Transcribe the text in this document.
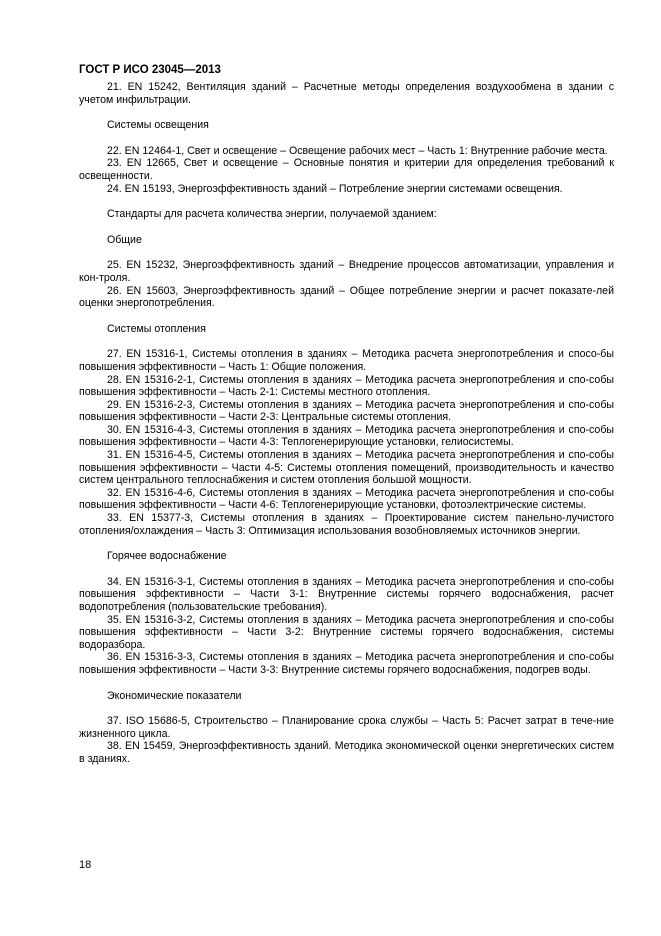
ГОСТ Р ИСО 23045—2013

21. EN 15242, Вентиляция зданий – Расчетные методы определения воздухообмена в здании с учетом инфильтрации.

Системы освещения

22. EN 12464-1, Свет и освещение – Освещение рабочих мест – Часть 1: Внутренние рабочие места.

23. EN 12665, Свет и освещение – Основные понятия и критерии для определения требований к освещенности.

24. EN 15193, Энергоэффективность зданий – Потребление энергии системами освещения.

Стандарты для расчета количества энергии, получаемой зданием:

Общие

25. EN 15232, Энергоэффективность зданий – Внедрение процессов автоматизации, управления и кон-троля.

26. EN 15603, Энергоэффективность зданий – Общее потребление энергии и расчет показате-лей оценки энергопотребления.

Системы отопления

27. EN 15316-1, Системы отопления в зданиях – Методика расчета энергопотребления и спосо-бы повышения эффективности – Часть 1: Общие положения.

28. EN 15316-2-1, Системы отопления в зданиях – Методика расчета энергопотребления и спо-собы повышения эффективности – Часть 2-1: Системы местного отопления.

29. EN 15316-2-3, Системы отопления в зданиях – Методика расчета энергопотребления и спо-собы повышения эффективности – Части 2-3: Центральные системы отопления.

30. EN 15316-4-3, Системы отопления в зданиях – Методика расчета энергопотребления и спо-собы повышения эффективности – Части 4-3: Теплогенерирующие установки, гелиосистемы.

31. EN 15316-4-5, Системы отопления в зданиях – Методика расчета энергопотребления и спо-собы повышения эффективности – Части 4-5: Системы отопления помещений, производительность и качество систем центрального теплоснабжения и систем отопления большой мощности.

32. EN 15316-4-6, Системы отопления в зданиях – Методика расчета энергопотребления и спо-собы повышения эффективности – Части 4-6: Теплогенерирующие установки, фотоэлектрические системы.

33. EN 15377-3, Системы отопления в зданиях – Проектирование систем панельно-лучистого отопления/охлаждения – Часть 3: Оптимизация использования возобновляемых источников энергии.

Горячее водоснабжение

34. EN 15316-3-1, Системы отопления в зданиях – Методика расчета энергопотребления и спо-собы повышения эффективности – Части 3-1: Внутренние системы горячего водоснабжения, расчет водопотребления (пользовательские требования).

35. EN 15316-3-2, Системы отопления в зданиях – Методика расчета энергопотребления и спо-собы повышения эффективности – Части 3-2: Внутренние системы горячего водоснабжения, системы водоразбора.

36. EN 15316-3-3, Системы отопления в зданиях – Методика расчета энергопотребления и спо-собы повышения эффективности – Части 3-3: Внутренние системы горячего водоснабжения, подогрев воды.

Экономические показатели

37. ISO 15686-5, Строительство – Планирование срока службы – Часть 5: Расчет затрат в тече-ние жизненного цикла.

38. EN 15459, Энергоэффективность зданий. Методика экономической оценки энергетических систем в зданиях.

18
